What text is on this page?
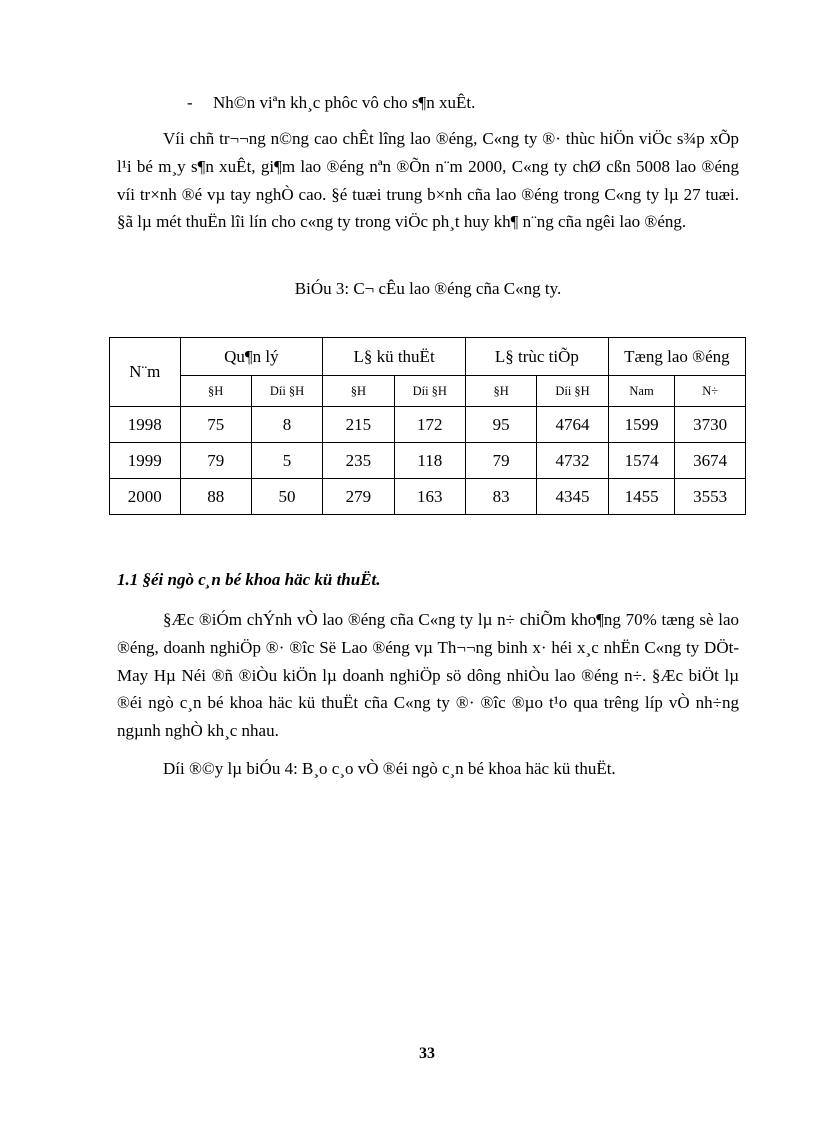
- Nh©n viªn kh¸c phôc vô cho s¶n xuÊt.

Víi chñ tr¬¬ng n©ng cao chÊt lîng lao ®éng, C«ng ty ®· thùc hiÖn viÖc s¾p xÕp l¹i bé m¸y s¶n xuÊt, gi¶m lao ®éng nªn ®Õn n¨m 2000, C«ng ty chØ cßn 5008 lao ®éng víi tr×nh ®é vµ tay nghÒ cao. §é tuæi trung b×nh cña lao ®éng trong C«ng ty lµ 27 tuæi. §ã lµ mét thuËn lîi lín cho c«ng ty trong viÖc ph¸t huy kh¶ n¨ng cña ngêi lao ®éng.

BiÓu 3: C¬ cÊu lao ®éng cña C«ng ty.
N¨m	Qu¶n lý		L§ kü thuËt		L§ trùc tiÕp		Tæng lao ®éng	
	§H	Díi §H	§H	Díi §H	§H	Díi §H	Nam	N÷
1998	75	8	215	172	95	4764	1599	3730
1999	79	5	235	118	79	4732	1574	3674
2000	88	50	279	163	83	4345	1455	3553
1.1 §éi ngò c¸n bé khoa häc kü thuËt.

§Æc ®iÓm chÝnh vÒ lao ®éng cña C«ng ty lµ n÷ chiÕm kho¶ng 70% tæng sè lao ®éng, doanh nghiÖp ®· ®îc Së Lao ®éng vµ Th¬¬ng binh x· héi x¸c nhËn C«ng ty DÖt-May Hµ Néi ®ñ ®iÒu kiÖn lµ doanh nghiÖp sö dông nhiÒu lao ®éng n÷. §Æc biÖt lµ ®éi ngò c¸n bé khoa häc kü thuËt cña C«ng ty ®· ®îc ®µo t¹o qua trêng líp vÒ nh÷ng ngµnh nghÒ kh¸c nhau.

Díi ®©y lµ biÓu 4: B¸o c¸o vÒ ®éi ngò c¸n bé khoa häc kü thuËt.

33
